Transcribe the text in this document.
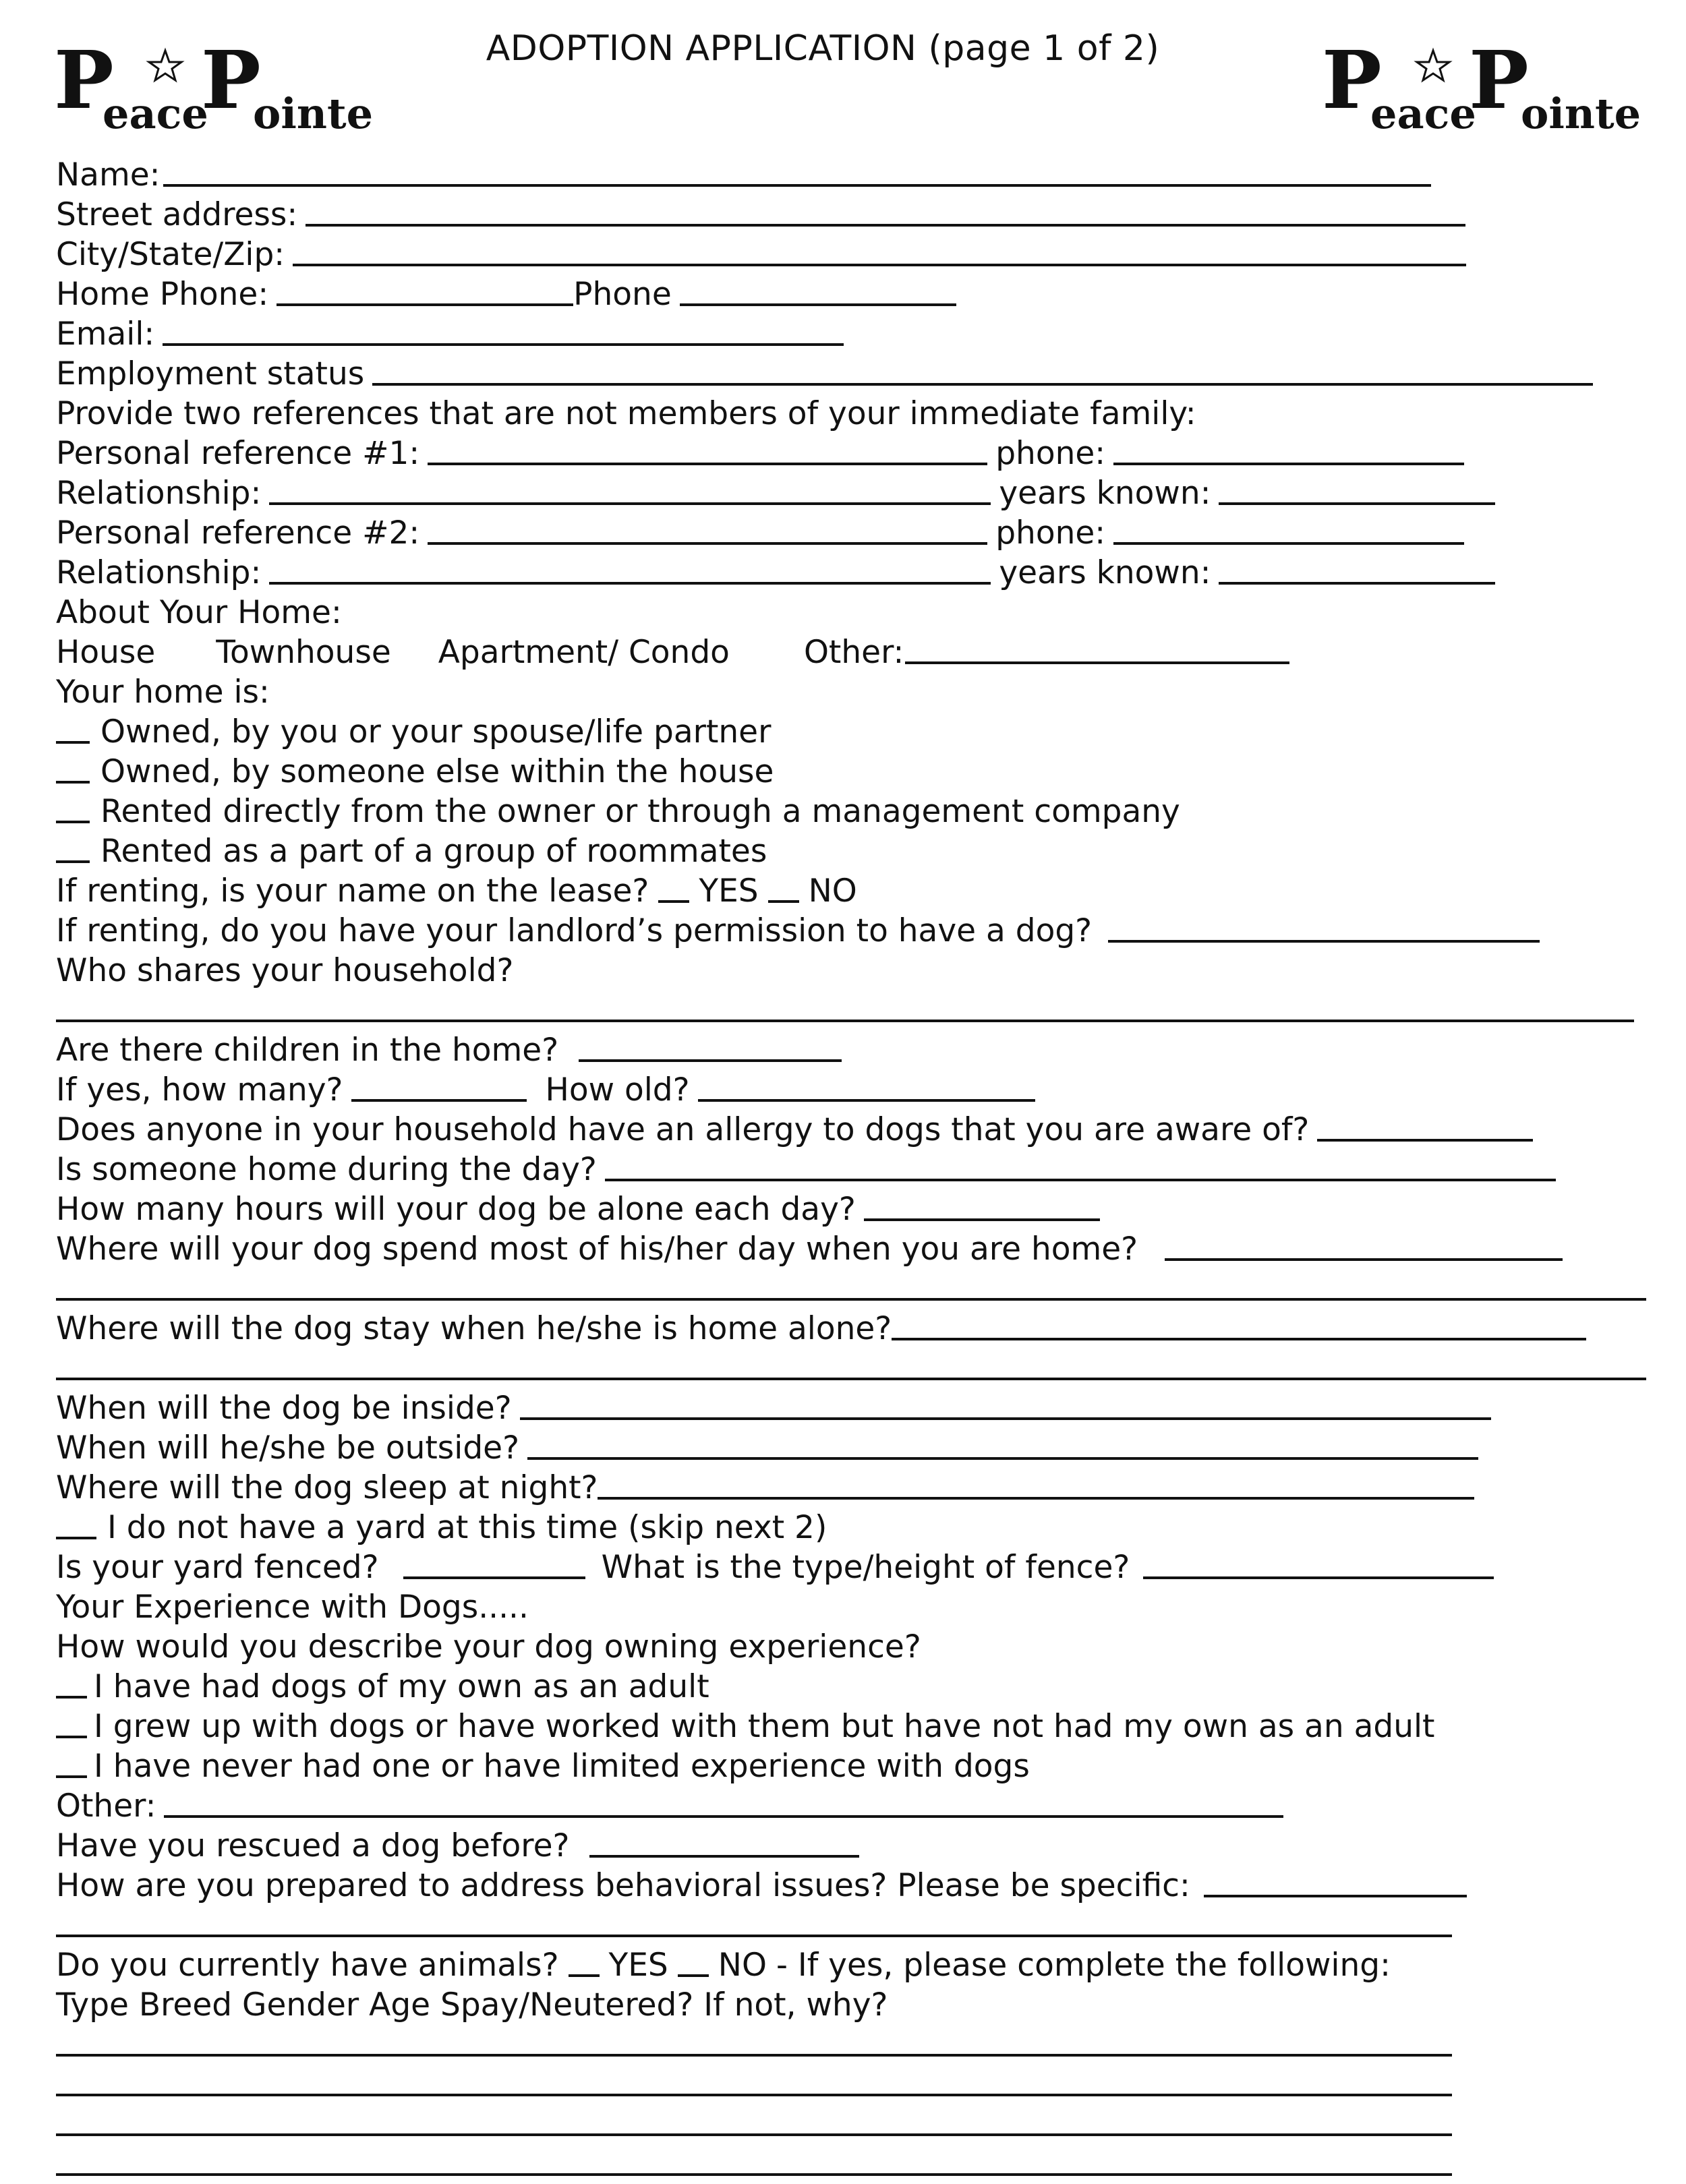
P
eace
P
ointe
ADOPTION APPLICATION (page 1 of 2)	P
eace
P
ointe
Name:
Street address:
City/State/Zip:
Home Phone:	Phone
Email:
Employment status
Provide two references that are not members of your immediate family:
Personal reference #1:	phone:
Relationship:	years known:
Personal reference #2:	phone:
Relationship:	years known:
About Your Home:
House Townhouse Apartment/ Condo Other:
Your home is:
Owned, by you or your spouse/life partner
Owned, by someone else within the house
Rented directly from the owner or through a management company
Rented as a part of a group of roommates
If renting, is your name on the lease? YES NO
If renting, do you have your landlord’s permission to have a dog?
Who shares your household?
Are there children in the home?
If yes, how many?	How old?
Does anyone in your household have an allergy to dogs that you are aware of?
Is someone home during the day?
How many hours will your dog be alone each day?
Where will your dog spend most of his/her day when you are home?
Where will the dog stay when he/she is home alone?
When will the dog be inside?
When will he/she be outside?
Where will the dog sleep at night?
I do not have a yard at this time (skip next 2)
Is your yard fenced?	What is the type/height of fence?
Your Experience with Dogs.....
How would you describe your dog owning experience?
I have had dogs of my own as an adult
I grew up with dogs or have worked with them but have not had my own as an adult
I have never had one or have limited experience with dogs
Other:
Have you rescued a dog before?
How are you prepared to address behavioral issues? Please be specific:
Do you currently have animals? YES NO - If yes, please complete the following:
Type Breed Gender Age Spay/Neutered? If not, why?
